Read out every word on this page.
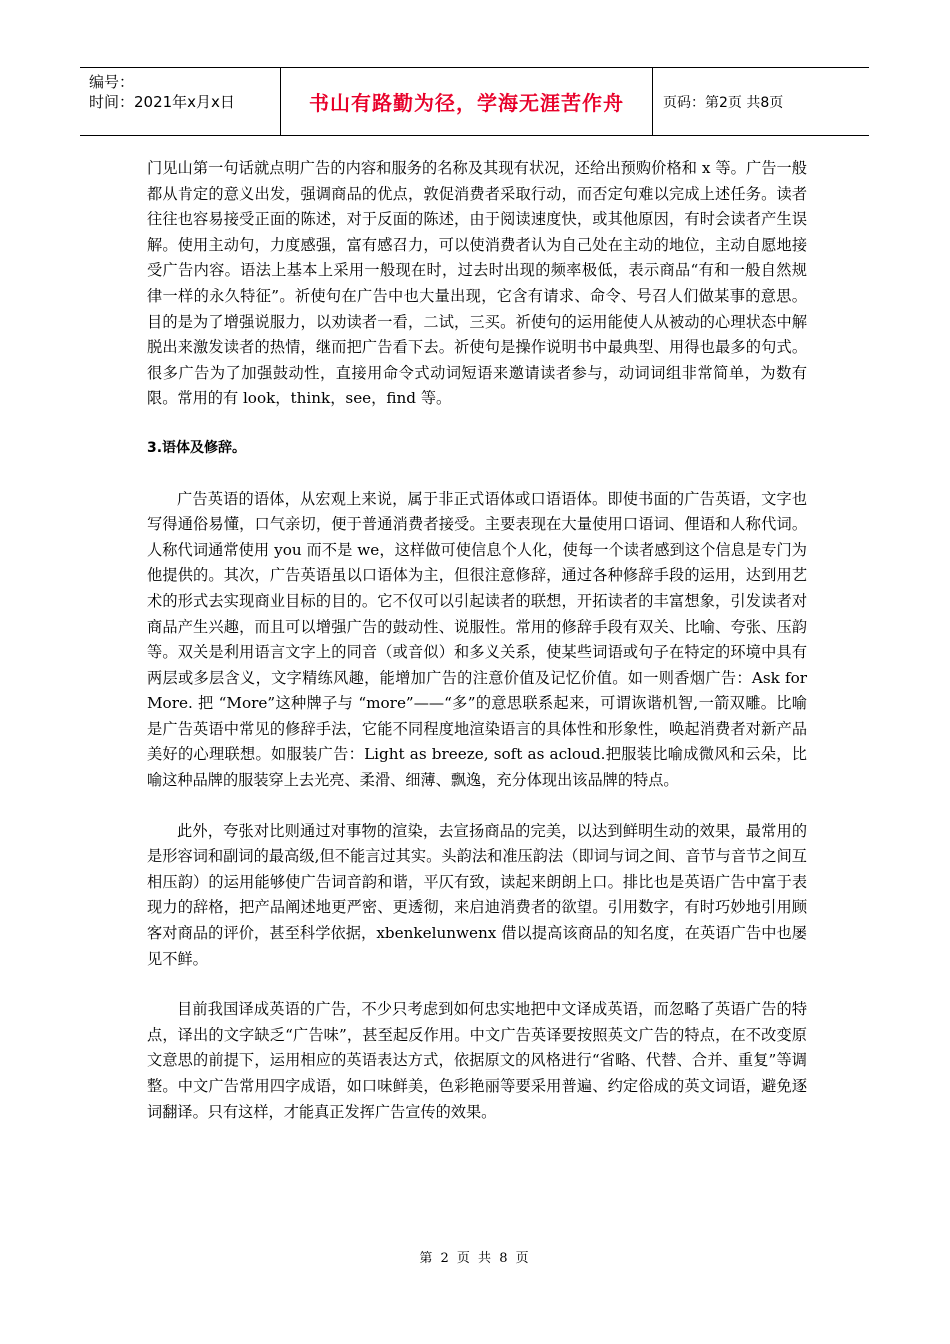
编号：
时间：2021年x月x日	书山有路勤为径，学海无涯苦作舟	页码：第2页 共8页

门见山第一句话就点明广告的内容和服务的名称及其现有状况，还给出预购价格和 x 等。广告一般都从肯定的意义出发，强调商品的优点，敦促消费者采取行动，而否定句难以完成上述任务。读者往往也容易接受正面的陈述，对于反面的陈述，由于阅读速度快，或其他原因，有时会读者产生误解。使用主动句，力度感强，富有感召力，可以使消费者认为自己处在主动的地位，主动自愿地接受广告内容。语法上基本上采用一般现在时，过去时出现的频率极低，表示商品“有和一般自然规律一样的永久特征”。祈使句在广告中也大量出现，它含有请求、命令、号召人们做某事的意思。目的是为了增强说服力，以劝读者一看，二试，三买。祈使句的运用能使人从被动的心理状态中解脱出来激发读者的热情，继而把广告看下去。祈使句是操作说明书中最典型、用得也最多的句式。很多广告为了加强鼓动性，直接用命令式动词短语来邀请读者参与，动词词组非常简单，为数有限。常用的有 look，think，see，find 等。

3.语体及修辞。

广告英语的语体，从宏观上来说，属于非正式语体或口语语体。即使书面的广告英语，文字也写得通俗易懂，口气亲切，便于普通消费者接受。主要表现在大量使用口语词、俚语和人称代词。人称代词通常使用 you 而不是 we，这样做可使信息个人化，使每一个读者感到这个信息是专门为他提供的。其次，广告英语虽以口语体为主，但很注意修辞，通过各种修辞手段的运用，达到用艺术的形式去实现商业目标的目的。它不仅可以引起读者的联想，开拓读者的丰富想象，引发读者对商品产生兴趣，而且可以增强广告的鼓动性、说服性。常用的修辞手段有双关、比喻、夸张、压韵等。双关是利用语言文字上的同音（或音似）和多义关系，使某些词语或句子在特定的环境中具有两层或多层含义，文字精练风趣，能增加广告的注意价值及记忆价值。如一则香烟广告：Ask for More. 把 “More”这种牌子与 “more”——“多”的意思联系起来，可谓诙谐机智,一箭双雕。比喻是广告英语中常见的修辞手法，它能不同程度地渲染语言的具体性和形象性，唤起消费者对新产品美好的心理联想。如服装广告：Light as breeze, soft as acloud.把服装比喻成微风和云朵，比喻这种品牌的服装穿上去光亮、柔滑、细薄、飘逸，充分体现出该品牌的特点。

此外，夸张对比则通过对事物的渲染，去宣扬商品的完美，以达到鲜明生动的效果，最常用的是形容词和副词的最高级,但不能言过其实。头韵法和准压韵法（即词与词之间、音节与音节之间互相压韵）的运用能够使广告词音韵和谐，平仄有致，读起来朗朗上口。排比也是英语广告中富于表现力的辞格，把产品阐述地更严密、更透彻，来启迪消费者的欲望。引用数字，有时巧妙地引用顾客对商品的评价，甚至科学依据，xbenkelunwenx 借以提高该商品的知名度，在英语广告中也屡见不鲜。

目前我国译成英语的广告，不少只考虑到如何忠实地把中文译成英语，而忽略了英语广告的特点，译出的文字缺乏“广告味”，甚至起反作用。中文广告英译要按照英文广告的特点，在不改变原文意思的前提下，运用相应的英语表达方式，依据原文的风格进行“省略、代替、合并、重复”等调整。中文广告常用四字成语，如口味鲜美，色彩艳丽等要采用普遍、约定俗成的英文词语，避免逐词翻译。只有这样，才能真正发挥广告宣传的效果。

第 2 页 共 8 页
